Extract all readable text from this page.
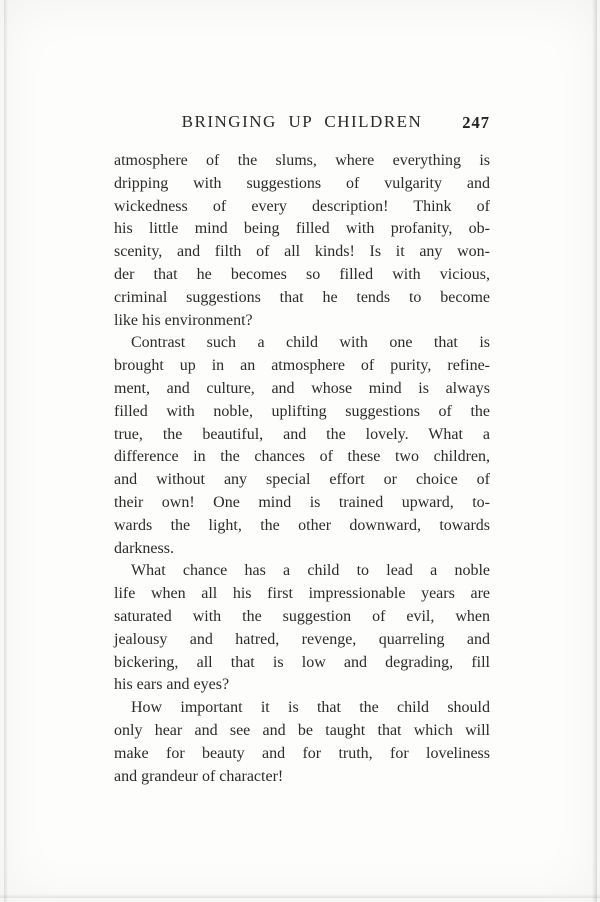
BRINGING UP CHILDREN	247
atmosphere of the slums, where everything is
dripping with suggestions of vulgarity and
wickedness of every description! Think of
his little mind being filled with profanity, ob-
scenity, and filth of all kinds! Is it any won-
der that he becomes so filled with vicious,
criminal suggestions that he tends to become
like his environment?
Contrast such a child with one that is
brought up in an atmosphere of purity, refine-
ment, and culture, and whose mind is always
filled with noble, uplifting suggestions of the
true, the beautiful, and the lovely. What a
difference in the chances of these two children,
and without any special effort or choice of
their own! One mind is trained upward, to-
wards the light, the other downward, towards
darkness.
What chance has a child to lead a noble
life when all his first impressionable years are
saturated with the suggestion of evil, when
jealousy and hatred, revenge, quarreling and
bickering, all that is low and degrading, fill
his ears and eyes?
How important it is that the child should
only hear and see and be taught that which will
make for beauty and for truth, for loveliness
and grandeur of character!
